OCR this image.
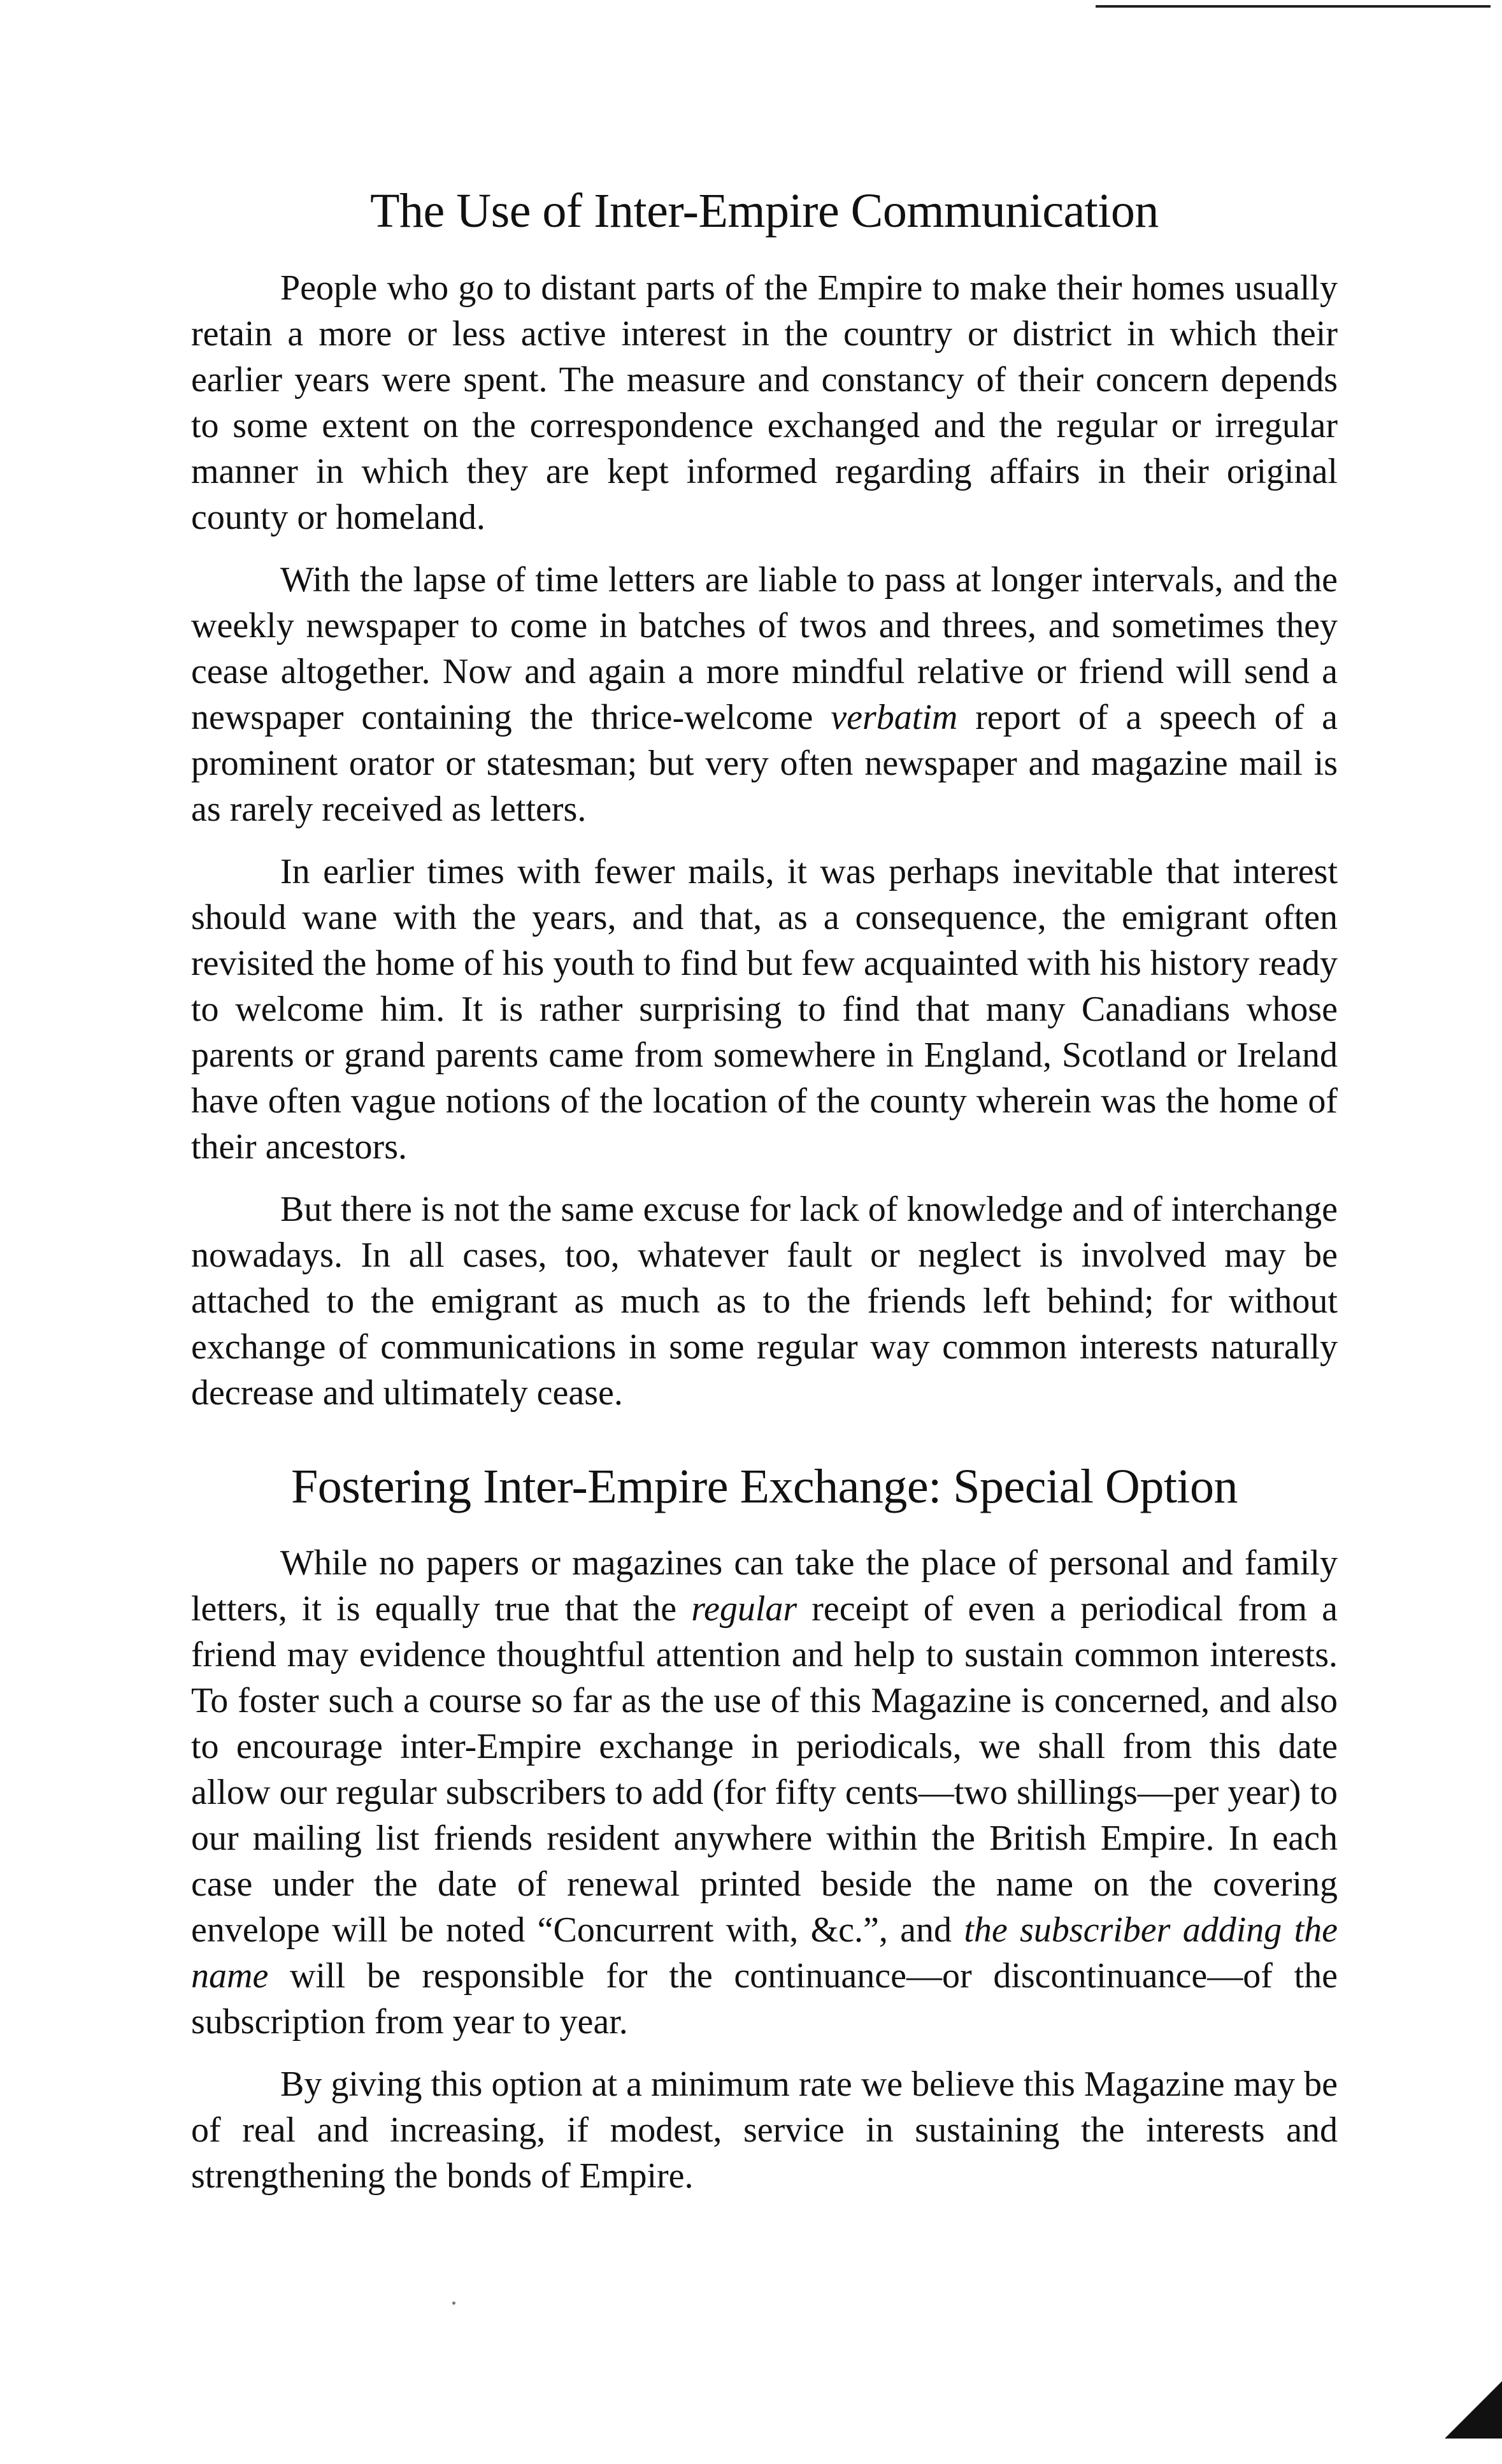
The Use of Inter-Empire Communication

People who go to distant parts of the Empire to make their homes usually retain a more or less active interest in the country or district in which their earlier years were spent. The measure and constancy of their concern depends to some extent on the correspondence exchanged and the regular or irregular manner in which they are kept informed regarding affairs in their original county or homeland.

With the lapse of time letters are liable to pass at longer intervals, and the weekly newspaper to come in batches of twos and threes, and sometimes they cease altogether. Now and again a more mindful relative or friend will send a newspaper containing the thrice-welcome verbatim report of a speech of a prominent orator or statesman; but very often newspaper and magazine mail is as rarely received as letters.

In earlier times with fewer mails, it was perhaps inevitable that interest should wane with the years, and that, as a consequence, the emigrant often revisited the home of his youth to find but few acquainted with his history ready to welcome him. It is rather surprising to find that many Canadians whose parents or grand parents came from somewhere in England, Scotland or Ireland have often vague notions of the location of the county wherein was the home of their ancestors.

But there is not the same excuse for lack of knowledge and of interchange nowadays. In all cases, too, whatever fault or neglect is involved may be attached to the emigrant as much as to the friends left behind; for without exchange of communications in some regular way common interests naturally decrease and ultimately cease.

Fostering Inter-Empire Exchange: Special Option

While no papers or magazines can take the place of personal and family letters, it is equally true that the regular receipt of even a periodical from a friend may evidence thoughtful attention and help to sustain common interests. To foster such a course so far as the use of this Magazine is concerned, and also to encourage inter-Empire exchange in periodicals, we shall from this date allow our regular subscribers to add (for fifty cents—two shillings—per year) to our mailing list friends resident anywhere within the British Empire. In each case under the date of renewal printed beside the name on the covering envelope will be noted “Concurrent with, &c.”, and the subscriber adding the name will be responsible for the continuance—or discontinuance—of the subscription from year to year.

By giving this option at a minimum rate we believe this Magazine may be of real and increasing, if modest, service in sustaining the interests and strengthening the bonds of Empire.
